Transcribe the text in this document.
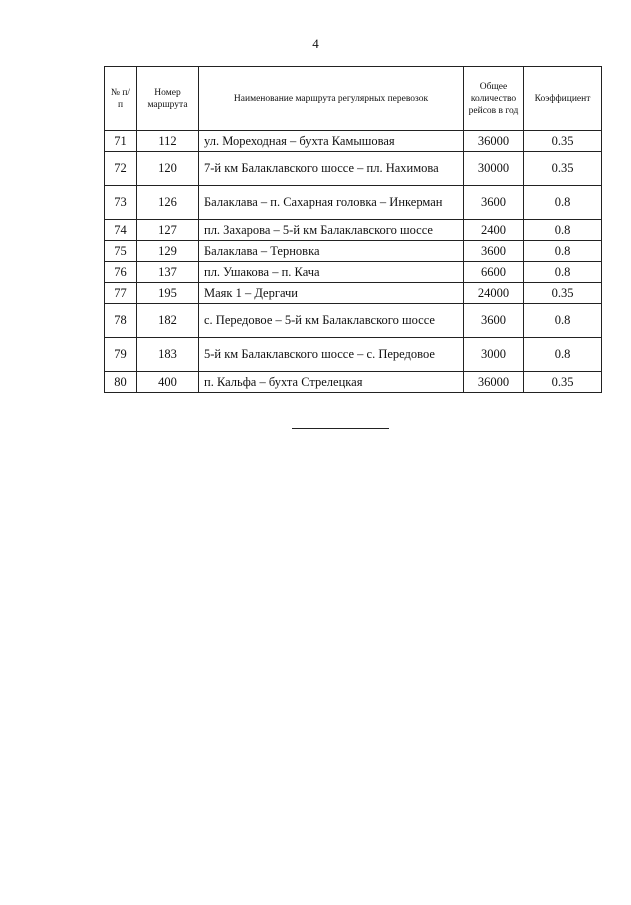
4
№ п/п	Номер маршрута	Наименование маршрута регулярных перевозок	Общее количество рейсов в год	Коэффициент
71	112	ул. Мореходная – бухта Камышовая	36000	0.35
72	120	7-й км Балаклавского шоссе – пл. Нахимова	30000	0.35
73	126	Балаклава – п. Сахарная головка – Инкерман	3600	0.8
74	127	пл. Захарова – 5-й км Балаклавского шоссе	2400	0.8
75	129	Балаклава – Терновка	3600	0.8
76	137	пл. Ушакова – п. Кача	6600	0.8
77	195	Маяк 1 – Дергачи	24000	0.35
78	182	с. Передовое – 5-й км Балаклавского шоссе	3600	0.8
79	183	5-й км Балаклавского шоссе – с. Передовое	3000	0.8
80	400	п. Кальфа – бухта Стрелецкая	36000	0.35
